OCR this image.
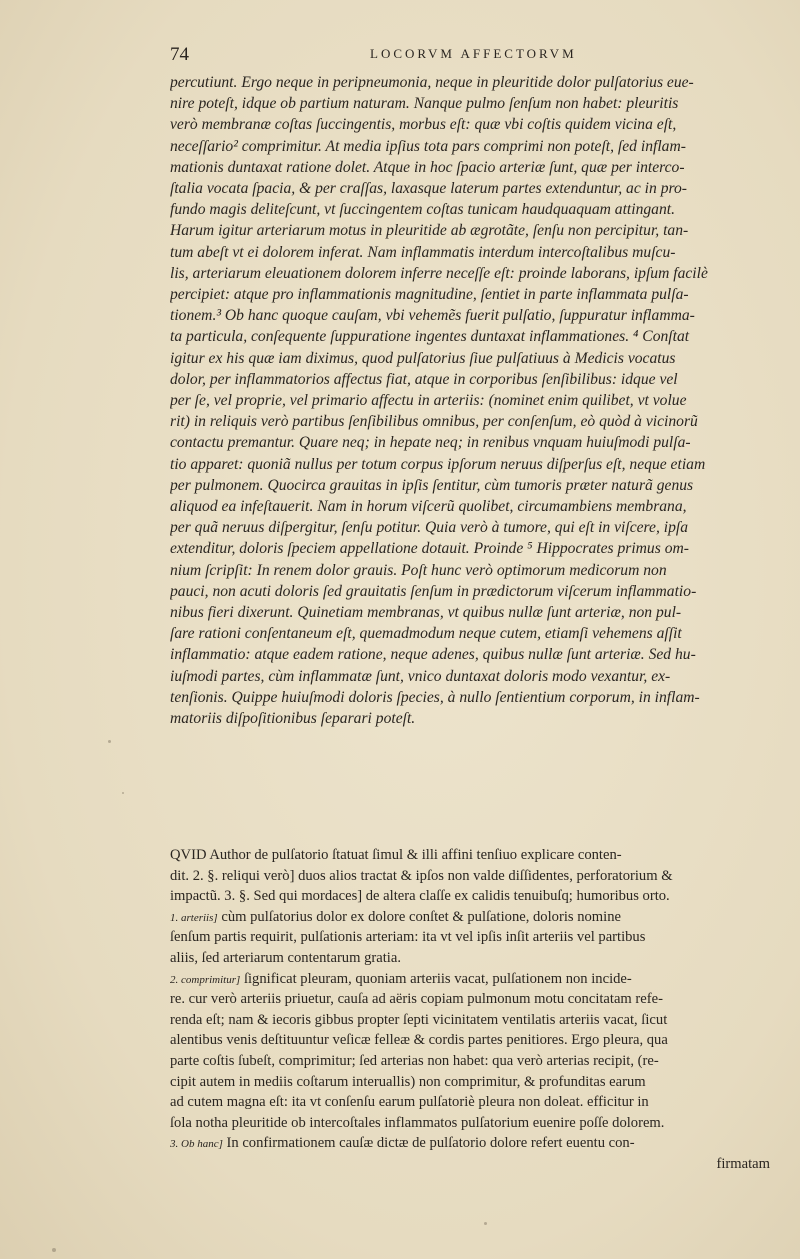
74	LOCORVM AFFECTORVM
percutiunt. Ergo neque in peripneumonia, neque in pleuritide dolor pulſatorius eue-
nire poteſt, idque ob partium naturam. Nanque pulmo ſenſum non habet: pleuritis
verò membranæ coſtas ſuccingentis, morbus eſt: quæ vbi coſtis quidem vicina eſt,
neceſſario² comprimitur. At media ipſius tota pars comprimi non poteſt, ſed inflam-
mationis duntaxat ratione dolet. Atque in hoc ſpacio arteriæ ſunt, quæ per interco-
ſtalia vocata ſpacia, & per craſſas, laxasque laterum partes extenduntur, ac in pro-
fundo magis deliteſcunt, vt ſuccingentem coſtas tunicam haudquaquam attingant.
Harum igitur arteriarum motus in pleuritide ab ægrotãte, ſenſu non percipitur, tan-
tum abeſt vt ei dolorem inferat. Nam inflammatis interdum intercoſtalibus muſcu-
lis, arteriarum eleuationem dolorem inferre neceſſe eſt: proinde laborans, ipſum facilè
percipiet: atque pro inflammationis magnitudine, ſentiet in parte inflammata pulſa-
tionem.³ Ob hanc quoque cauſam, vbi vehemẽs fuerit pulſatio, ſuppuratur inflamma-
ta particula, conſequente ſuppuratione ingentes duntaxat inflammationes. ⁴ Conſtat
igitur ex his quæ iam diximus, quod pulſatorius ſiue pulſatiuus à Medicis vocatus
dolor, per inflammatorios affectus fiat, atque in corporibus ſenſibilibus: idque vel
per ſe, vel proprie, vel primario affectu in arteriis: (nominet enim quilibet, vt volue
rit) in reliquis verò partibus ſenſibilibus omnibus, per conſenſum, eò quòd à vicinorũ
contactu premantur. Quare neq; in hepate neq; in renibus vnquam huiuſmodi pulſa-
tio apparet: quoniã nullus per totum corpus ipſorum neruus diſperſus eſt, neque etiam
per pulmonem. Quocirca grauitas in ipſis ſentitur, cùm tumoris præter naturã genus
aliquod ea infeſtauerit. Nam in horum viſcerũ quolibet, circumambiens membrana,
per quã neruus diſpergitur, ſenſu potitur. Quia verò à tumore, qui eſt in viſcere, ipſa
extenditur, doloris ſpeciem appellatione dotauit. Proinde ⁵ Hippocrates primus om-
nium ſcripſit: In renem dolor grauis. Poſt hunc verò optimorum medicorum non
pauci, non acuti doloris ſed grauitatis ſenſum in prædictorum viſcerum inflammatio-
nibus fieri dixerunt. Quinetiam membranas, vt quibus nullæ ſunt arteriæ, non pul-
ſare rationi conſentaneum eſt, quemadmodum neque cutem, etiamſi vehemens aſſit
inflammatio: atque eadem ratione, neque adenes, quibus nullæ ſunt arteriæ. Sed hu-
iuſmodi partes, cùm inflammatæ ſunt, vnico duntaxat doloris modo vexantur, ex-
tenſionis. Quippe huiuſmodi doloris ſpecies, à nullo ſentientium corporum, in inflam-
matoriis diſpoſitionibus ſeparari poteſt.
QVID Author de pulſatorio ſtatuat ſimul & illi affini tenſiuo explicare conten-
dit. 2. §. reliqui verò] duos alios tractat & ipſos non valde diſſidentes, perforatorium &
impactũ. 3. §. Sed qui mordaces] de altera claſſe ex calidis tenuibuſq; humoribus orto.
1. arteriis] cùm pulſatorius dolor ex dolore conſtet & pulſatione, doloris nomine
ſenſum partis requirit, pulſationis arteriam: ita vt vel ipſis inſit arteriis vel partibus
aliis, ſed arteriarum contentarum gratia.
2. comprimitur] ſignificat pleuram, quoniam arteriis vacat, pulſationem non incide-
re. cur verò arteriis priuetur, cauſa ad aëris copiam pulmonum motu concitatam refe-
renda eſt; nam & iecoris gibbus propter ſepti vicinitatem ventilatis arteriis vacat, ſicut
alentibus venis deſtituuntur veſicæ felleæ & cordis partes penitiores. Ergo pleura, qua
parte coſtis ſubeſt, comprimitur; ſed arterias non habet: qua verò arterias recipit, (re-
cipit autem in mediis coſtarum interuallis) non comprimitur, & profunditas earum
ad cutem magna eſt: ita vt conſenſu earum pulſatoriè pleura non doleat. efficitur in
ſola notha pleuritide ob intercoſtales inflammatos pulſatorium euenire poſſe dolorem.
3. Ob hanc] In confirmationem cauſæ dictæ de pulſatorio dolore refert euentu con-
firmatam
